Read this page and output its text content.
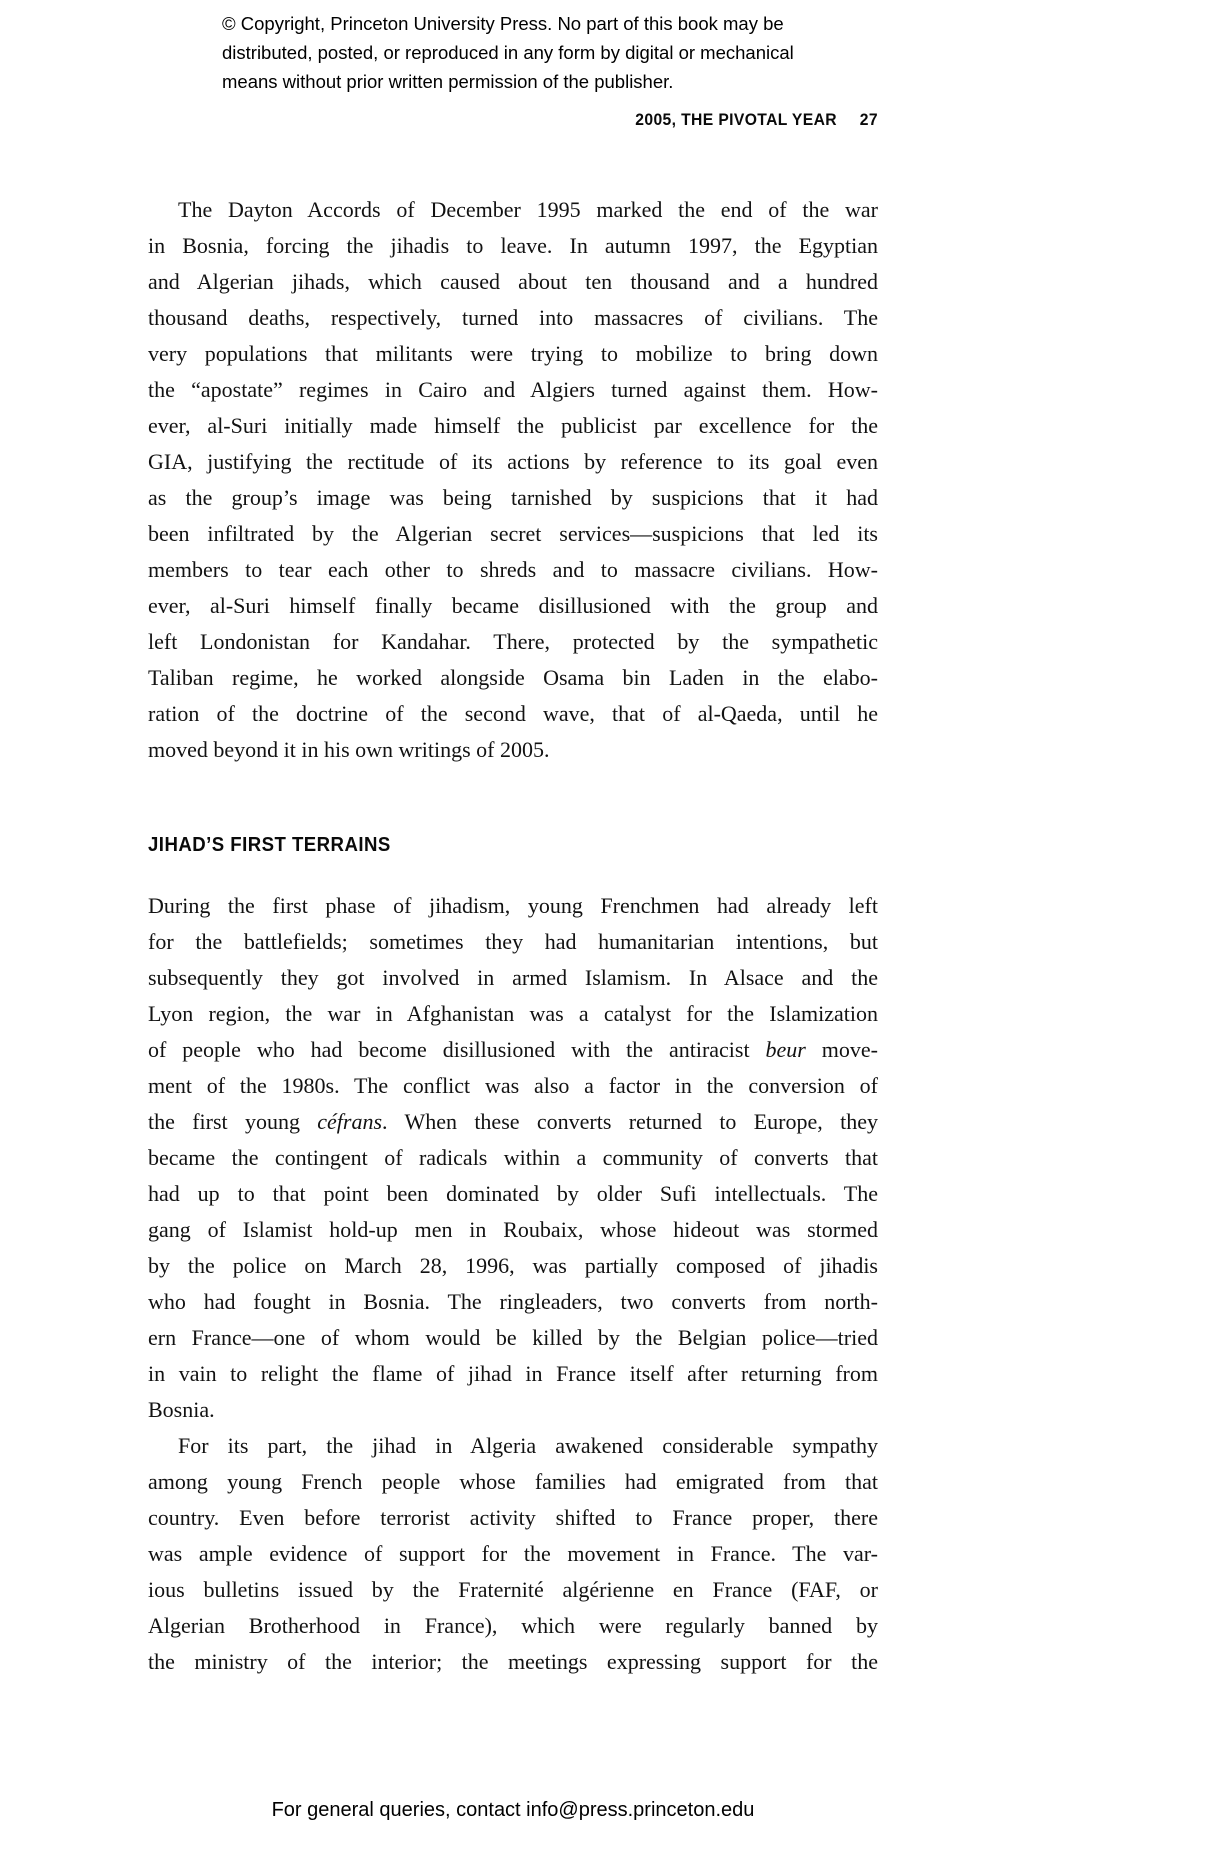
© Copyright, Princeton University Press. No part of this book may be
distributed, posted, or reproduced in any form by digital or mechanical
means without prior written permission of the publisher.
2005, THE PIVOTAL YEAR 27
The Dayton Accords of December 1995 marked the end of the war
in Bosnia, forcing the jihadis to leave. In autumn 1997, the Egyptian
and Algerian jihads, which caused about ten thousand and a hundred
thousand deaths, respectively, turned into massacres of civilians. The
very populations that militants were trying to mobilize to bring down
the “apostate” regimes in Cairo and Algiers turned against them. How-
ever, al-Suri initially made himself the publicist par excellence for the
GIA, justifying the rectitude of its actions by reference to its goal even
as the group’s image was being tarnished by suspicions that it had
been infiltrated by the Algerian secret services—suspicions that led its
members to tear each other to shreds and to massacre civilians. How-
ever, al-Suri himself finally became disillusioned with the group and
left Londonistan for Kandahar. There, protected by the sympathetic
Taliban regime, he worked alongside Osama bin Laden in the elabo-
ration of the doctrine of the second wave, that of al-Qaeda, until he
moved beyond it in his own writings of 2005.
JIHAD’S FIRST TERRAINS
During the first phase of jihadism, young Frenchmen had already left
for the battlefields; sometimes they had humanitarian intentions, but
subsequently they got involved in armed Islamism. In Alsace and the
Lyon region, the war in Afghanistan was a catalyst for the Islamization
of people who had become disillusioned with the antiracist beur move-
ment of the 1980s. The conflict was also a factor in the conversion of
the first young céfrans. When these converts returned to Europe, they
became the contingent of radicals within a community of converts that
had up to that point been dominated by older Sufi intellectuals. The
gang of Islamist hold-up men in Roubaix, whose hideout was stormed
by the police on March 28, 1996, was partially composed of jihadis
who had fought in Bosnia. The ringleaders, two converts from north-
ern France—one of whom would be killed by the Belgian police—tried
in vain to relight the flame of jihad in France itself after returning from
Bosnia.
For its part, the jihad in Algeria awakened considerable sympathy
among young French people whose families had emigrated from that
country. Even before terrorist activity shifted to France proper, there
was ample evidence of support for the movement in France. The var-
ious bulletins issued by the Fraternité algérienne en France (FAF, or
Algerian Brotherhood in France), which were regularly banned by
the ministry of the interior; the meetings expressing support for the
For general queries, contact info@press.princeton.edu
